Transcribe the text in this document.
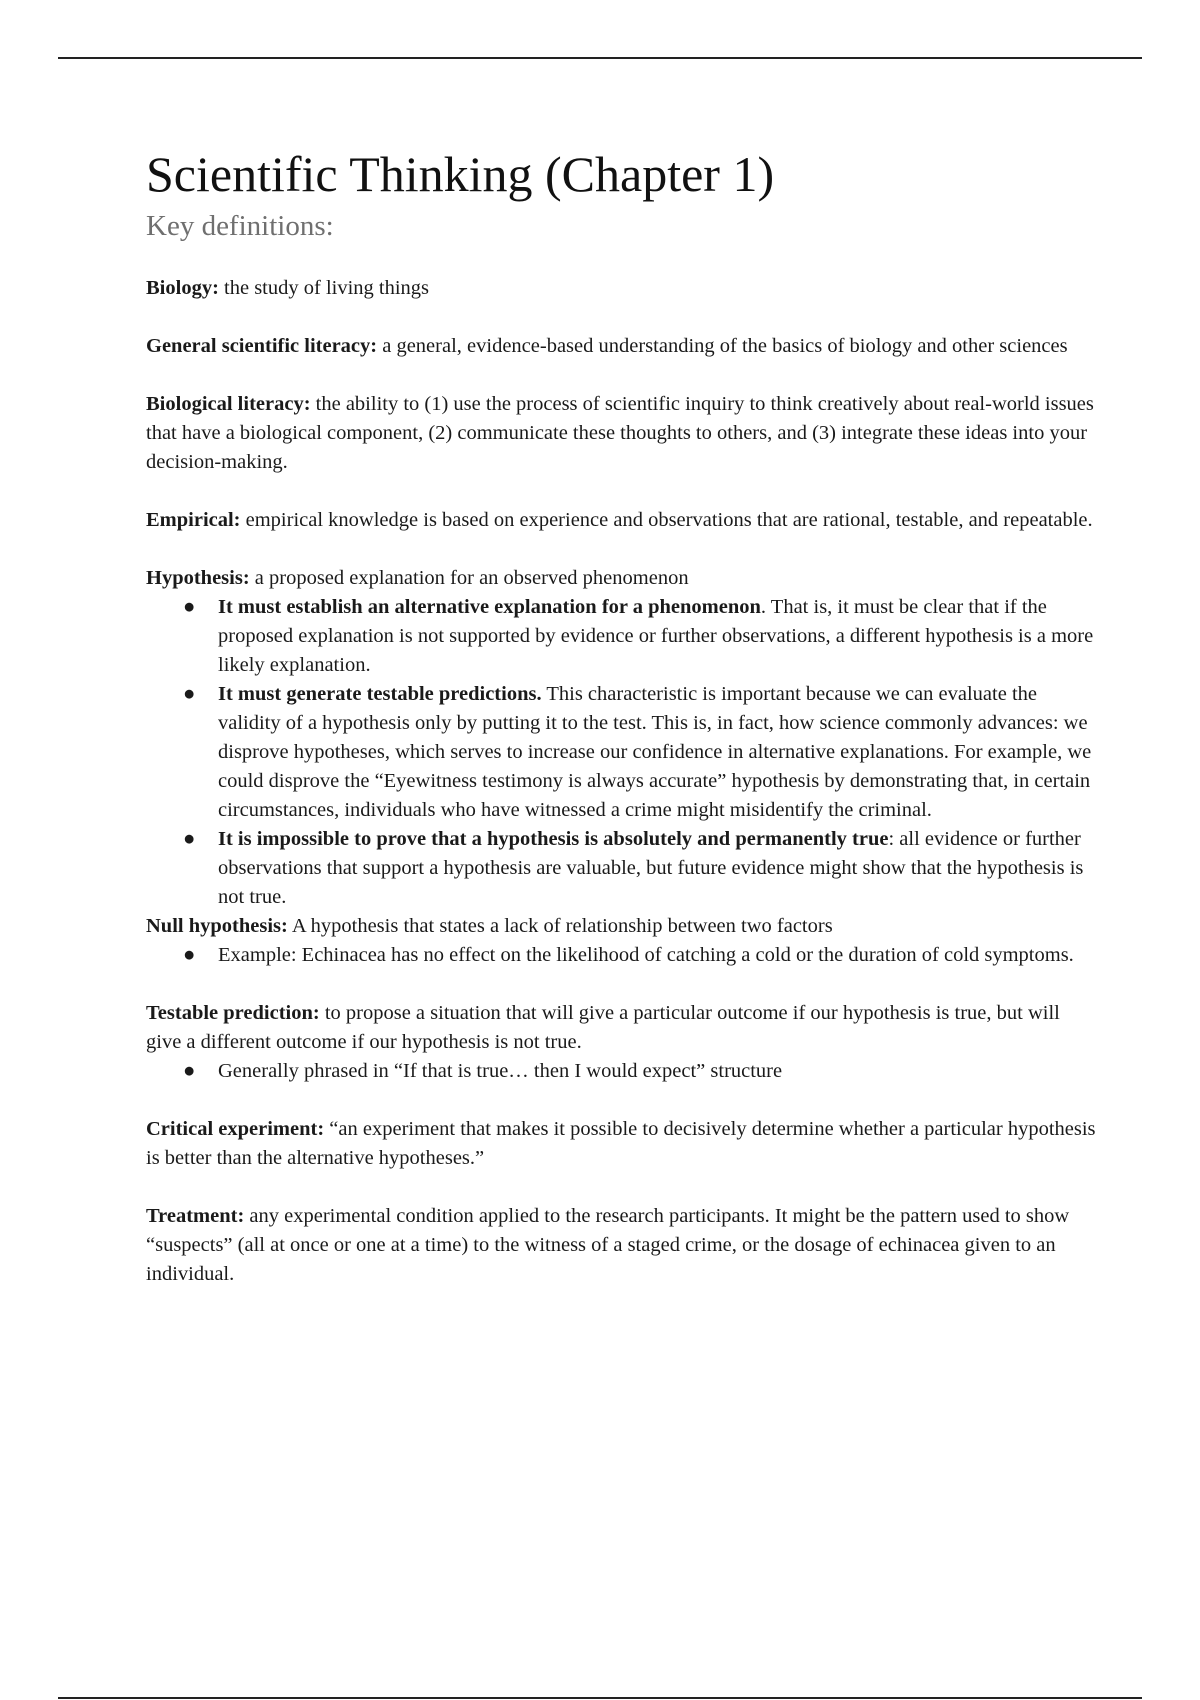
Scientific Thinking (Chapter 1)
Key definitions:

Biology: the study of living things

General scientific literacy: a general, evidence-based understanding of the basics of biology and other sciences

Biological literacy: the ability to (1) use the process of scientific inquiry to think creatively about real-world issues that have a biological component, (2) communicate these thoughts to others, and (3) integrate these ideas into your decision-making.

Empirical: empirical knowledge is based on experience and observations that are rational, testable, and repeatable.

Hypothesis: a proposed explanation for an observed phenomenon

● It must establish an alternative explanation for a phenomenon. That is, it must be clear that if the proposed explanation is not supported by evidence or further observations, a different hypothesis is a more likely explanation.
● It must generate testable predictions. This characteristic is important because we can evaluate the validity of a hypothesis only by putting it to the test. This is, in fact, how science commonly advances: we disprove hypotheses, which serves to increase our confidence in alternative explanations. For example, we could disprove the “Eyewitness testimony is always accurate” hypothesis by demonstrating that, in certain circumstances, individuals who have witnessed a crime might misidentify the criminal.
● It is impossible to prove that a hypothesis is absolutely and permanently true: all evidence or further observations that support a hypothesis are valuable, but future evidence might show that the hypothesis is not true.

Null hypothesis: A hypothesis that states a lack of relationship between two factors

● Example: Echinacea has no effect on the likelihood of catching a cold or the duration of cold symptoms.

Testable prediction: to propose a situation that will give a particular outcome if our hypothesis is true, but will give a different outcome if our hypothesis is not true.

● Generally phrased in “If that is true… then I would expect” structure

Critical experiment: “an experiment that makes it possible to decisively determine whether a particular hypothesis is better than the alternative hypotheses.”

Treatment: any experimental condition applied to the research participants. It might be the pattern used to show “suspects” (all at once or one at a time) to the witness of a staged crime, or the dosage of echinacea given to an individual.
